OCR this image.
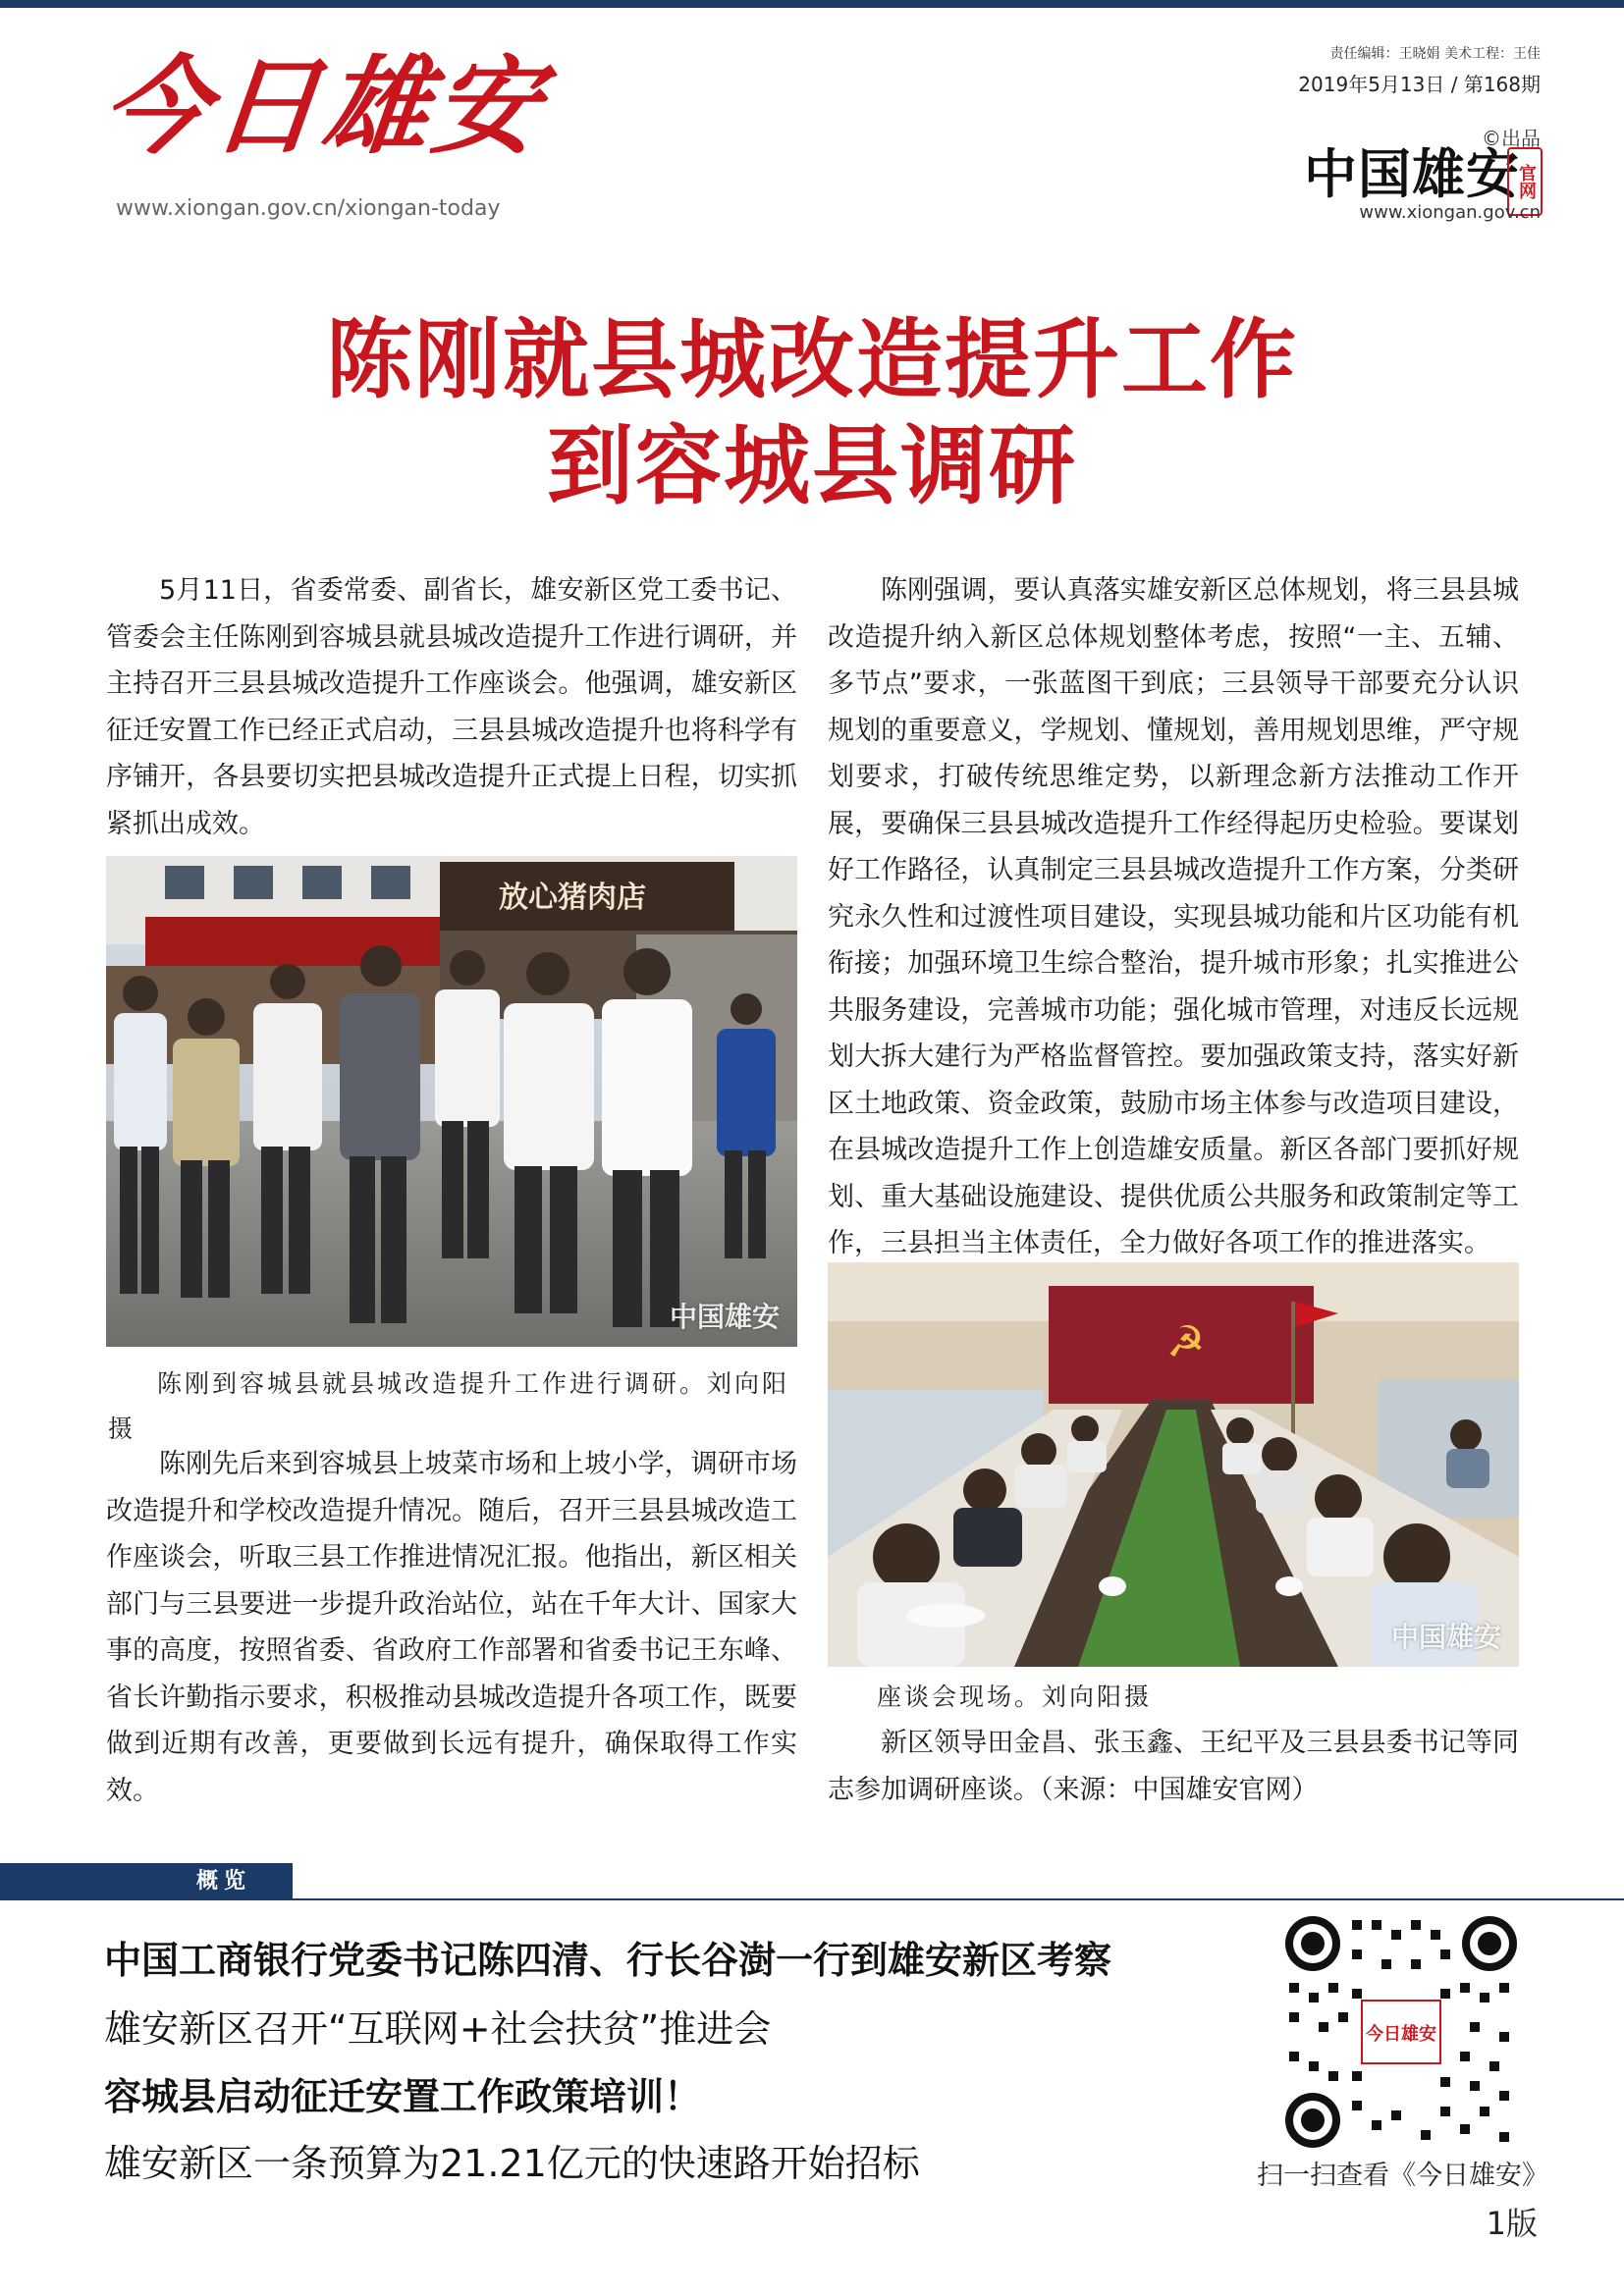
今日雄安
www.xiongan.gov.cn/xiongan-today
责任编辑：王晓娟 美术工程：王佳
2019年5月13日 / 第168期
©出品
中国雄安
官网
www.xiongan.gov.cn
陈刚就县城改造提升工作
到容城县调研

5月11日，省委常委、副省长，雄安新区党工委书记、管委会主任陈刚到容城县就县城改造提升工作进行调研，并主持召开三县县城改造提升工作座谈会。他强调，雄安新区征迁安置工作已经正式启动，三县县城改造提升也将科学有序铺开，各县要切实把县城改造提升正式提上日程，切实抓紧抓出成效。

放心猪肉店
中国雄安

陈刚到容城县就县城改造提升工作进行调研。刘向阳摄

陈刚先后来到容城县上坡菜市场和上坡小学，调研市场改造提升和学校改造提升情况。随后，召开三县县城改造工作座谈会，听取三县工作推进情况汇报。他指出，新区相关部门与三县要进一步提升政治站位，站在千年大计、国家大事的高度，按照省委、省政府工作部署和省委书记王东峰、省长许勤指示要求，积极推动县城改造提升各项工作，既要做到近期有改善，更要做到长远有提升，确保取得工作实效。

陈刚强调，要认真落实雄安新区总体规划，将三县县城改造提升纳入新区总体规划整体考虑，按照“一主、五辅、多节点”要求，一张蓝图干到底；三县领导干部要充分认识规划的重要意义，学规划、懂规划，善用规划思维，严守规划要求，打破传统思维定势，以新理念新方法推动工作开展，要确保三县县城改造提升工作经得起历史检验。要谋划好工作路径，认真制定三县县城改造提升工作方案，分类研究永久性和过渡性项目建设，实现县城功能和片区功能有机衔接；加强环境卫生综合整治，提升城市形象；扎实推进公共服务建设，完善城市功能；强化城市管理，对违反长远规划大拆大建行为严格监督管控。要加强政策支持，落实好新区土地政策、资金政策，鼓励市场主体参与改造项目建设，在县城改造提升工作上创造雄安质量。新区各部门要抓好规划、重大基础设施建设、提供优质公共服务和政策制定等工作，三县担当主体责任，全力做好各项工作的推进落实。

☭
中国雄安

座谈会现场。刘向阳摄

新区领导田金昌、张玉鑫、王纪平及三县县委书记等同志参加调研座谈。（来源：中国雄安官网）

概览
中国工商银行党委书记陈四清、行长谷澍一行到雄安新区考察
雄安新区召开“互联网+社会扶贫”推进会
容城县启动征迁安置工作政策培训！
雄安新区一条预算为21.21亿元的快速路开始招标
今日雄安
扫一扫查看《今日雄安》
1版
